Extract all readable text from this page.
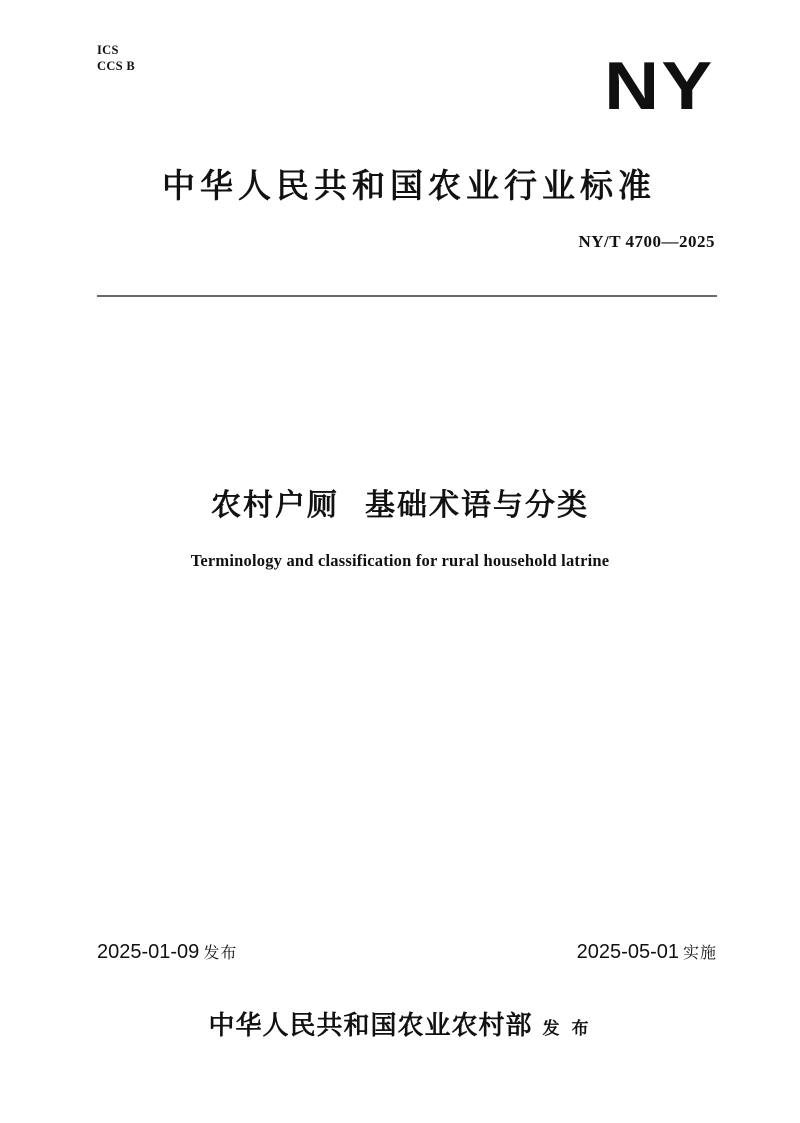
ICS
CCS B	NY
中华人民共和国农业行业标准
NY/T 4700—2025
农村户厕 基础术语与分类
Terminology and classification for rural household latrine
2025-01-09 发布	2025-05-01 实施
中华人民共和国农业农村部 发 布
